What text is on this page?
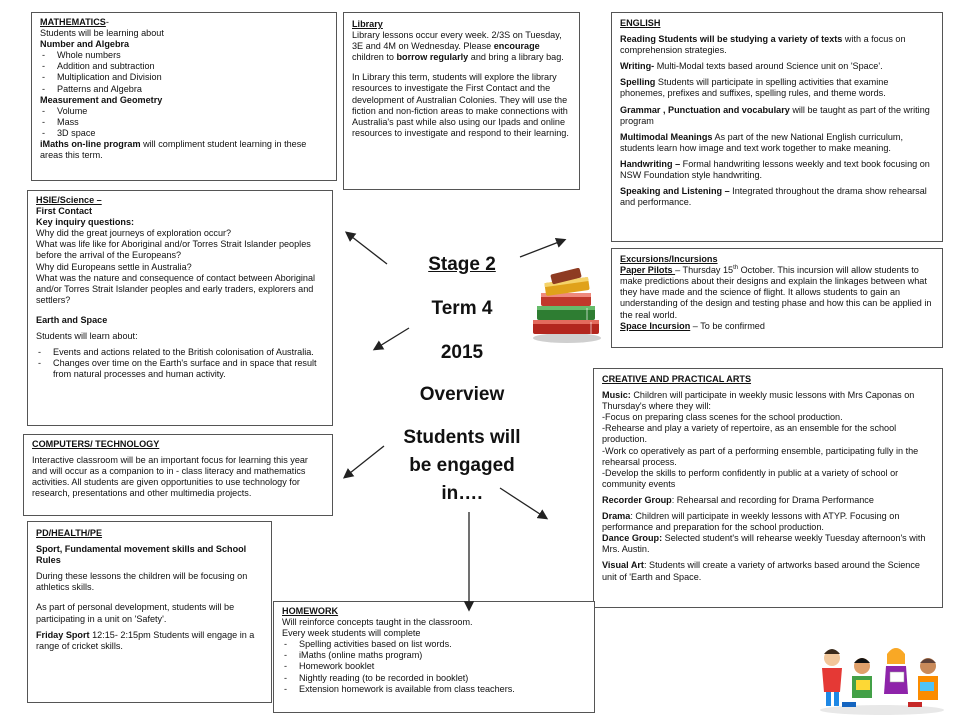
MATHEMATICS-
Students will be learning about
Number and Algebra
- Whole numbers
- Addition and subtraction
- Multiplication and Division
- Patterns and Algebra
Measurement and Geometry
- Volume
- Mass
- 3D space
iMaths on-line program will compliment student learning in these areas this term.
Library
Library lessons occur every week. 2/3S on Tuesday, 3E and 4M on Wednesday. Please encourage children to borrow regularly and bring a library bag.
In Library this term, students will explore the library resources to investigate the First Contact and the development of Australian Colonies. They will use the fiction and non-fiction areas to make connections with Australia's past while also using our Ipads and online resources to investigate and respond to their learning.
ENGLISH
Reading Students will be studying a variety of texts with a focus on comprehension strategies.
Writing- Multi-Modal texts based around Science unit on 'Space'.
Spelling Students will participate in spelling activities that examine phonemes, prefixes and suffixes, spelling rules, and theme words.
Grammar , Punctuation and vocabulary will be taught as part of the writing program
Multimodal Meanings As part of the new National English curriculum, students learn how image and text work together to make meaning.
Handwriting – Formal handwriting lessons weekly and text book focusing on NSW Foundation style handwriting.
Speaking and Listening – Integrated throughout the drama show rehearsal and performance.
HSIE/Science –
First Contact
Key inquiry questions:
Why did the great journeys of exploration occur?
What was life like for Aboriginal and/or Torres Strait Islander peoples before the arrival of the Europeans?
Why did Europeans settle in Australia?
What was the nature and consequence of contact between Aboriginal and/or Torres Strait Islander peoples and early traders, explorers and settlers?
Earth and Space
Students will learn about:
- Events and actions related to the British colonisation of Australia.
- Changes over time on the Earth's surface and in space that result from natural processes and human activity.
Excursions/Incursions
Paper Pilots – Thursday 15th October. This incursion will allow students to make predictions about their designs and explain the linkages between what they have made and the science of flight. It allows students to gain an understanding of the design and testing phase and how this can be applied in the real world.
Space Incursion – To be confirmed
CREATIVE AND PRACTICAL ARTS
Music: Children will participate in weekly music lessons with Mrs Caponas on Thursday's where they will:
-Focus on preparing class scenes for the school production.
-Rehearse and play a variety of repertoire, as an ensemble for the school production.
-Work co operatively as part of a performing ensemble, participating fully in the rehearsal process.
-Develop the skills to perform confidently in public at a variety of school or community events
Recorder Group: Rehearsal and recording for Drama Performance
Drama: Children will participate in weekly lessons with ATYP. Focusing on performance and preparation for the school production.
Dance Group: Selected student's will rehearse weekly Tuesday afternoon's with Mrs. Austin.
Visual Art: Students will create a variety of artworks based around the Science unit of 'Earth and Space.
COMPUTERS/ TECHNOLOGY
Interactive classroom will be an important focus for learning this year and will occur as a companion to in - class literacy and mathematics activities. All students are given opportunities to use technology for research, presentations and other multimedia projects.
PD/HEALTH/PE
Sport, Fundamental movement skills and School Rules
During these lessons the children will be focusing on athletics skills.
As part of personal development, students will be participating in a unit on 'Safety'.
Friday Sport 12:15- 2:15pm Students will engage in a range of cricket skills.
HOMEWORK
Will reinforce concepts taught in the classroom.
Every week students will complete
- Spelling activities based on list words.
- iMaths (online maths program)
- Homework booklet
- Nightly reading (to be recorded in booklet)
- Extension homework is available from class teachers.
Stage 2
Term 4
2015
Overview
Students will
be engaged
in….
